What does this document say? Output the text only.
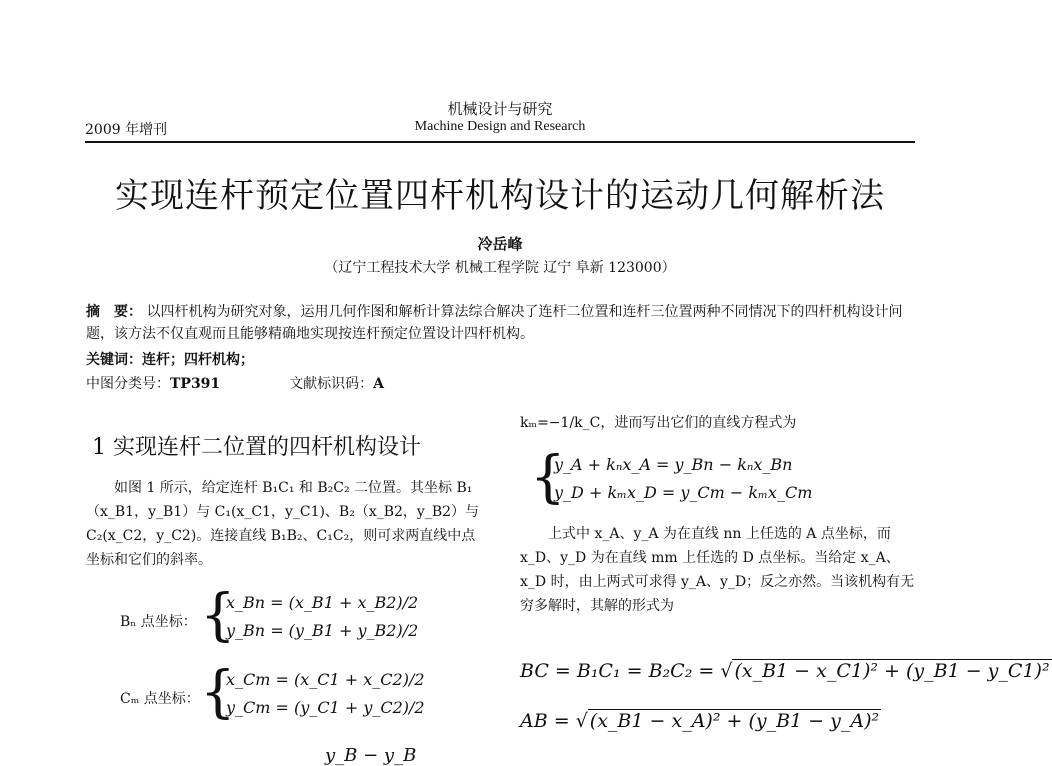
机械设计与研究
2009 年增刊	Machine Design and Research
实现连杆预定位置四杆机构设计的运动几何解析法
冷岳峰
（辽宁工程技术大学 机械工程学院 辽宁 阜新 123000）
摘　要： 以四杆机构为研究对象，运用几何作图和解析计算法综合解决了连杆二位置和连杆三位置两种不同情况下的四杆机构设计问题，该方法不仅直观而且能够精确地实现按连杆预定位置设计四杆机构。
关键词：连杆；四杆机构；
中图分类号：TP391	文献标识码：A
1 实现连杆二位置的四杆机构设计
如图 1 所示，给定连杆 B₁C₁ 和 B₂C₂ 二位置。其坐标 B₁（x_B1，y_B1）与 C₁(x_C1，y_C1)、B₂（x_B2，y_B2）与 C₂(x_C2，y_C2)。连接直线 B₁B₂、C₁C₂，则可求两直线中点坐标和它们的斜率。
Bₙ 点坐标： {
x_Bn = (x_B1 + x_B2)/2
y_Bn = (y_B1 + y_B2)/2
Cₘ 点坐标： {
x_Cm = (x_C1 + x_C2)/2
y_Cm = (y_C1 + y_C2)/2
y_B − y_B
kₘ=−1/k_C，进而写出它们的直线方程式为
{
y_A + kₙx_A = y_Bn − kₙx_Bn
y_D + kₘx_D = y_Cm − kₘx_Cm
上式中 x_A、y_A 为在直线 nn 上任选的 A 点坐标，而 x_D、y_D 为在直线 mm 上任选的 D 点坐标。当给定 x_A、x_D 时，由上两式可求得 y_A、y_D；反之亦然。当该机构有无穷多解时，其解的形式为
BC = B₁C₁ = B₂C₂ = √ (x_B1 − x_C1)² + (y_B1 − y_C1)²
AB = √ (x_B1 − x_A)² + (y_B1 − y_A)²
